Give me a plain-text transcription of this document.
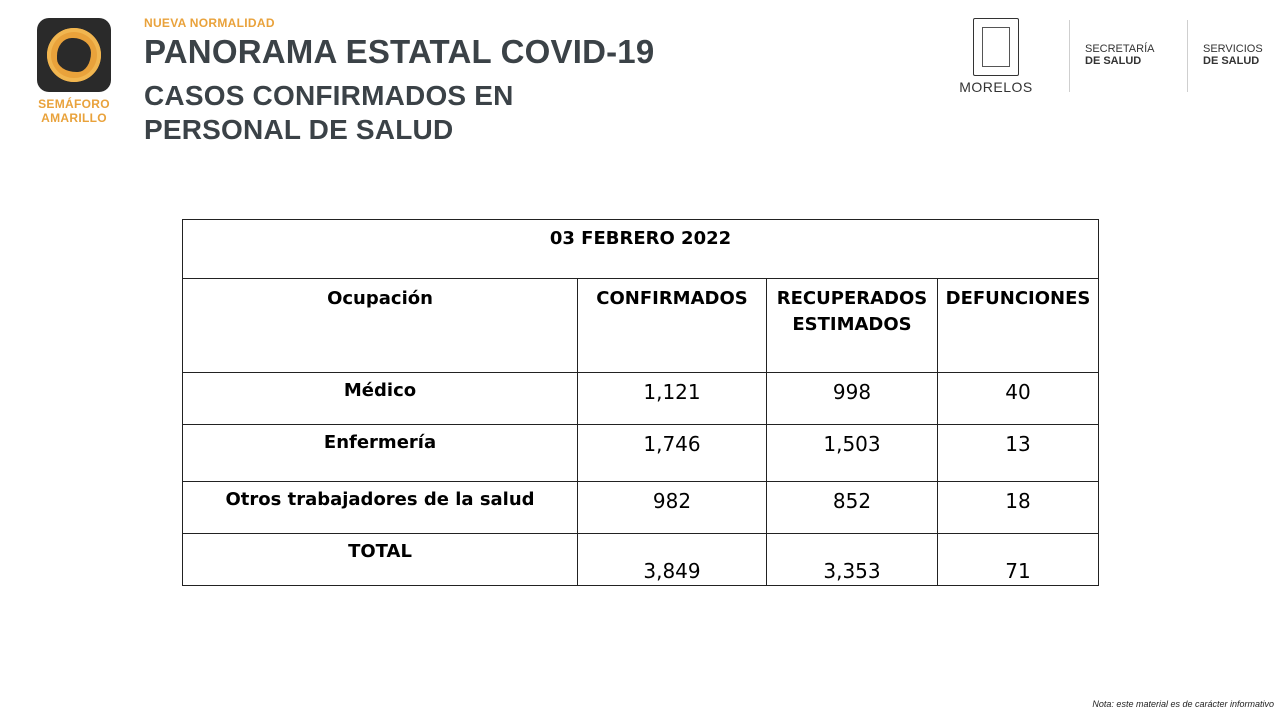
SEMÁFORO
AMARILLO
NUEVA NORMALIDAD
PANORAMA ESTATAL COVID-19
CASOS CONFIRMADOS EN
PERSONAL DE SALUD
MORELOS
SECRETARÍA
DE SALUD
SERVICIOS
DE SALUD
03 FEBRERO 2022			
Ocupación	CONFIRMADOS	RECUPERADOS ESTIMADOS	DEFUNCIONES
Médico	1,121	998	40
Enfermería	1,746	1,503	13
Otros trabajadores de la salud	982	852	18
TOTAL	3,849	3,353	71
Nota: este material es de carácter informativo
